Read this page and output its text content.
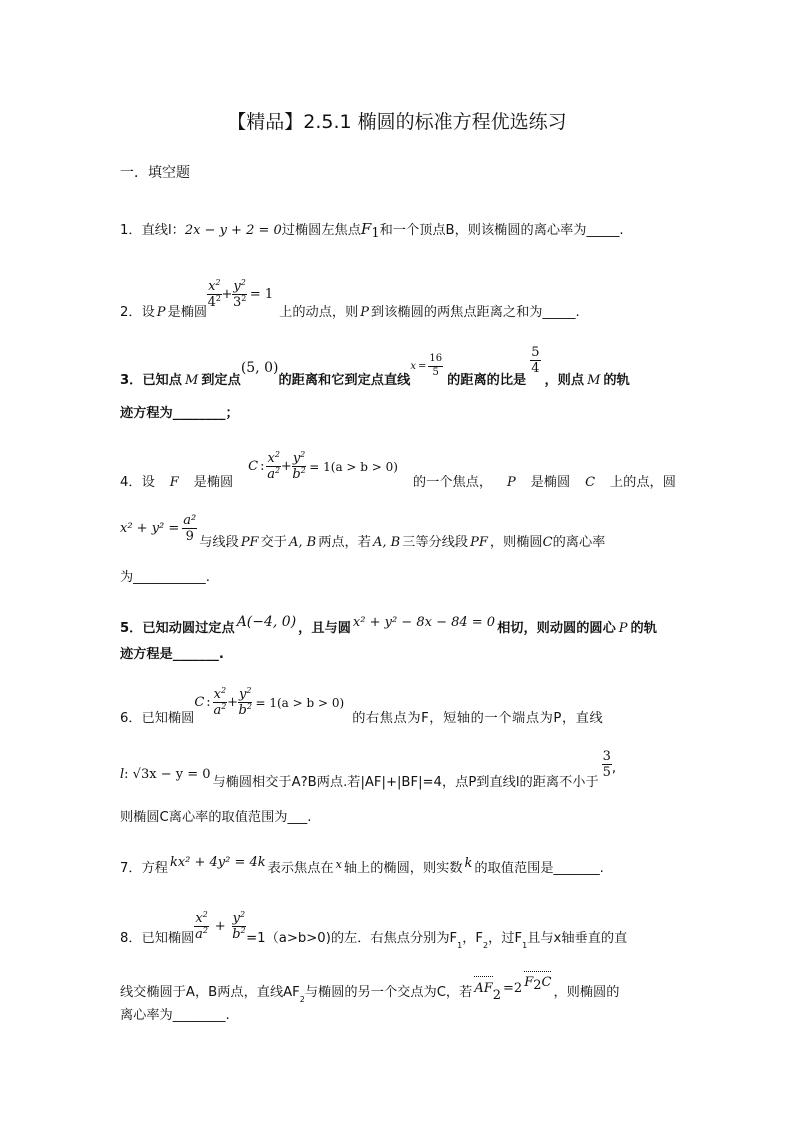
【精品】2.5.1 椭圆的标准方程优选练习
一．填空题
1．直线l：2x − y + 2 = 0过椭圆左焦点$F_1$和一个顶点B，则该椭圆的离心率为_____.
2．设 P 是椭圆
$\frac{x^2}{4^2} + \frac{y^2}{3^2} = 1$
上的动点，则 P 到该椭圆的两焦点距离之和为_____.
3．已知点 M 到定点
(5, 0)
的距离和它到定点直线
$x = \frac{16}{5}$
的距离的比是
$\frac{5}{4}$
，则点 M 的轨
迹方程为________；
4．设 F 是椭圆
C : $\frac{x^2}{a^2} + \frac{y^2}{b^2} = 1(a > b > 0)$
的一个焦点， P 是椭圆 C 上的点，圆
$x^2 + y^2 = \frac{\text{a²}}{9}$ 与线段 PF 交于 A, B 两点，若 A, B 三等分线段 PF ，则椭圆 C 的离心率
为___________.
5．已知动圆过定点 A(−4, 0) ，且与圆 x² + y² − 8x − 84 = 0 相切，则动圆的圆心 P 的轨
迹方程是_______.
6．已知椭圆
C : $\frac{x^2}{a^2} + \frac{y^2}{b^2} = 1(a > b > 0)$
的右焦点为F，短轴的一个端点为P，直线
l : √3x − y = 0
与椭圆相交于A?B两点.若|AF|+|BF|=4，点P到直线l的距离不小于
$\frac{3}{5}$ ,
则椭圆C离心率的取值范围为___.
7．方程 kx² + 4y² = 4k 表示焦点在 x 轴上的椭圆，则实数 k 的取值范围是_______.
8．已知椭圆 $\frac{x^2}{a^2} + \frac{y^2}{b^2} =1(a>b>0)$的左．右焦点分别为F 1 ，F 2 ，过F 1 且与x轴垂直的直
线交椭圆于A，B两点，直线AF 2 与椭圆的另一个交点为C，若 AF 2 =2 $F_2C$
，则椭圆的
离心率为________.
